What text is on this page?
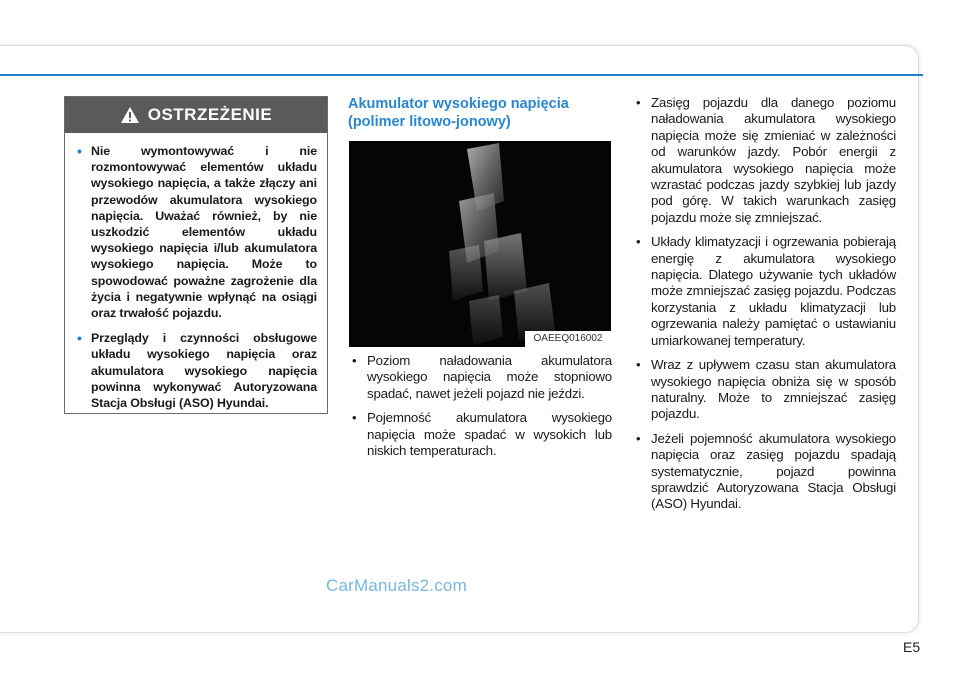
OSTRZEŻENIE
• Nie wymontowywać i nie rozmontowywać elementów układu wysokiego napięcia, a także złączy ani przewodów akumulatora wysokiego napięcia. Uważać również, by nie uszkodzić elementów układu wysokiego napięcia i/lub akumulatora wysokiego napięcia. Może to spowodować poważne zagrożenie dla życia i negatywnie wpłynąć na osiągi oraz trwałość pojazdu.
• Przeglądy i czynności obsługowe układu wysokiego napięcia oraz akumulatora wysokiego napięcia powinna wykonywać Autoryzowana Stacja Obsługi (ASO) Hyundai.
Akumulator wysokiego napięcia
(polimer litowo-jonowy)
OAEEQ016002
• Poziom naładowania akumulatora wysokiego napięcia może stopniowo spadać, nawet jeżeli pojazd nie jeździ.
• Pojemność akumulatora wysokiego napięcia może spadać w wysokich lub niskich temperaturach.
• Zasięg pojazdu dla danego poziomu naładowania akumulatora wysokiego napięcia może się zmieniać w zależności od warunków jazdy. Pobór energii z akumulatora wysokiego napięcia może wzrastać podczas jazdy szybkiej lub jazdy pod górę. W takich warunkach zasięg pojazdu może się zmniejszać.
• Układy klimatyzacji i ogrzewania pobierają energię z akumulatora wysokiego napięcia. Dlatego używanie tych układów może zmniejszać zasięg pojazdu. Podczas korzystania z układu klimatyzacji lub ogrzewania należy pamiętać o ustawianiu umiarkowanej temperatury.
• Wraz z upływem czasu stan akumulatora wysokiego napięcia obniża się w sposób naturalny. Może to zmniejszać zasięg pojazdu.
• Jeżeli pojemność akumulatora wysokiego napięcia oraz zasięg pojazdu spadają systematycznie, pojazd powinna sprawdzić Autoryzowana Stacja Obsługi (ASO) Hyundai.
CarManuals2.com
E5
